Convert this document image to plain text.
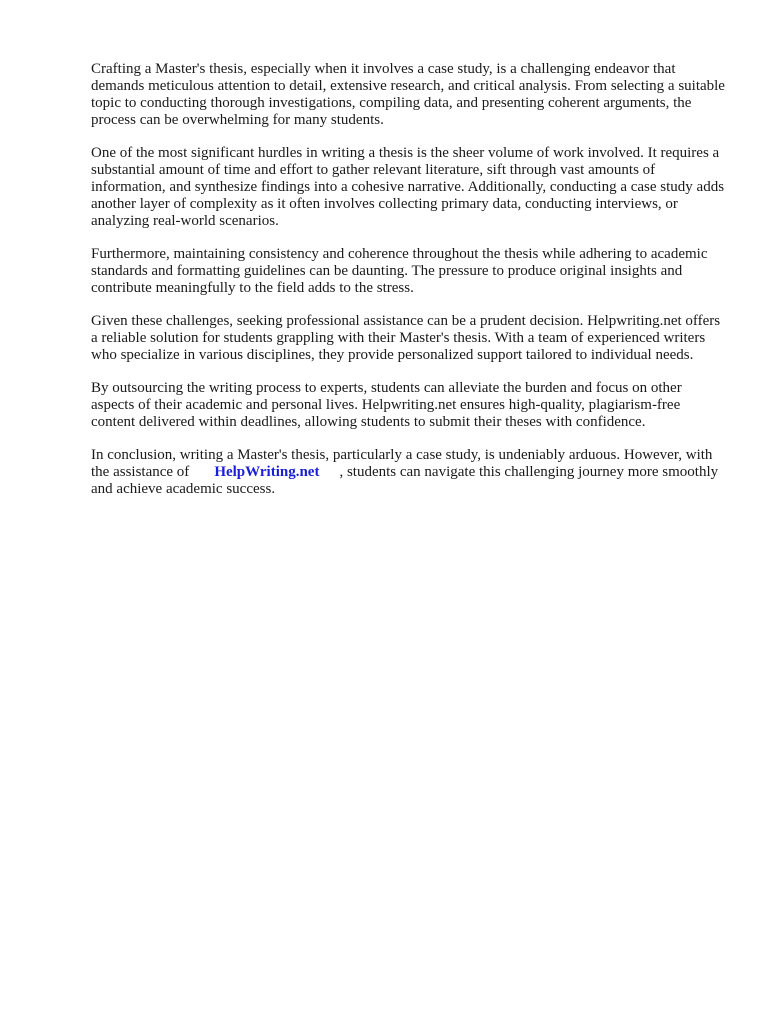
Crafting a Master's thesis, especially when it involves a case study, is a challenging endeavor that demands meticulous attention to detail, extensive research, and critical analysis. From selecting a suitable topic to conducting thorough investigations, compiling data, and presenting coherent arguments, the process can be overwhelming for many students.

One of the most significant hurdles in writing a thesis is the sheer volume of work involved. It requires a substantial amount of time and effort to gather relevant literature, sift through vast amounts of information, and synthesize findings into a cohesive narrative. Additionally, conducting a case study adds another layer of complexity as it often involves collecting primary data, conducting interviews, or analyzing real-world scenarios.

Furthermore, maintaining consistency and coherence throughout the thesis while adhering to academic standards and formatting guidelines can be daunting. The pressure to produce original insights and contribute meaningfully to the field adds to the stress.

Given these challenges, seeking professional assistance can be a prudent decision. Helpwriting.net offers a reliable solution for students grappling with their Master's thesis. With a team of experienced writers who specialize in various disciplines, they provide personalized support tailored to individual needs.

By outsourcing the writing process to experts, students can alleviate the burden and focus on other aspects of their academic and personal lives. Helpwriting.net ensures high-quality, plagiarism-free content delivered within deadlines, allowing students to submit their theses with confidence.

In conclusion, writing a Master's thesis, particularly a case study, is undeniably arduous. However, with the assistance of HelpWriting.net , students can navigate this challenging journey more smoothly and achieve academic success.
